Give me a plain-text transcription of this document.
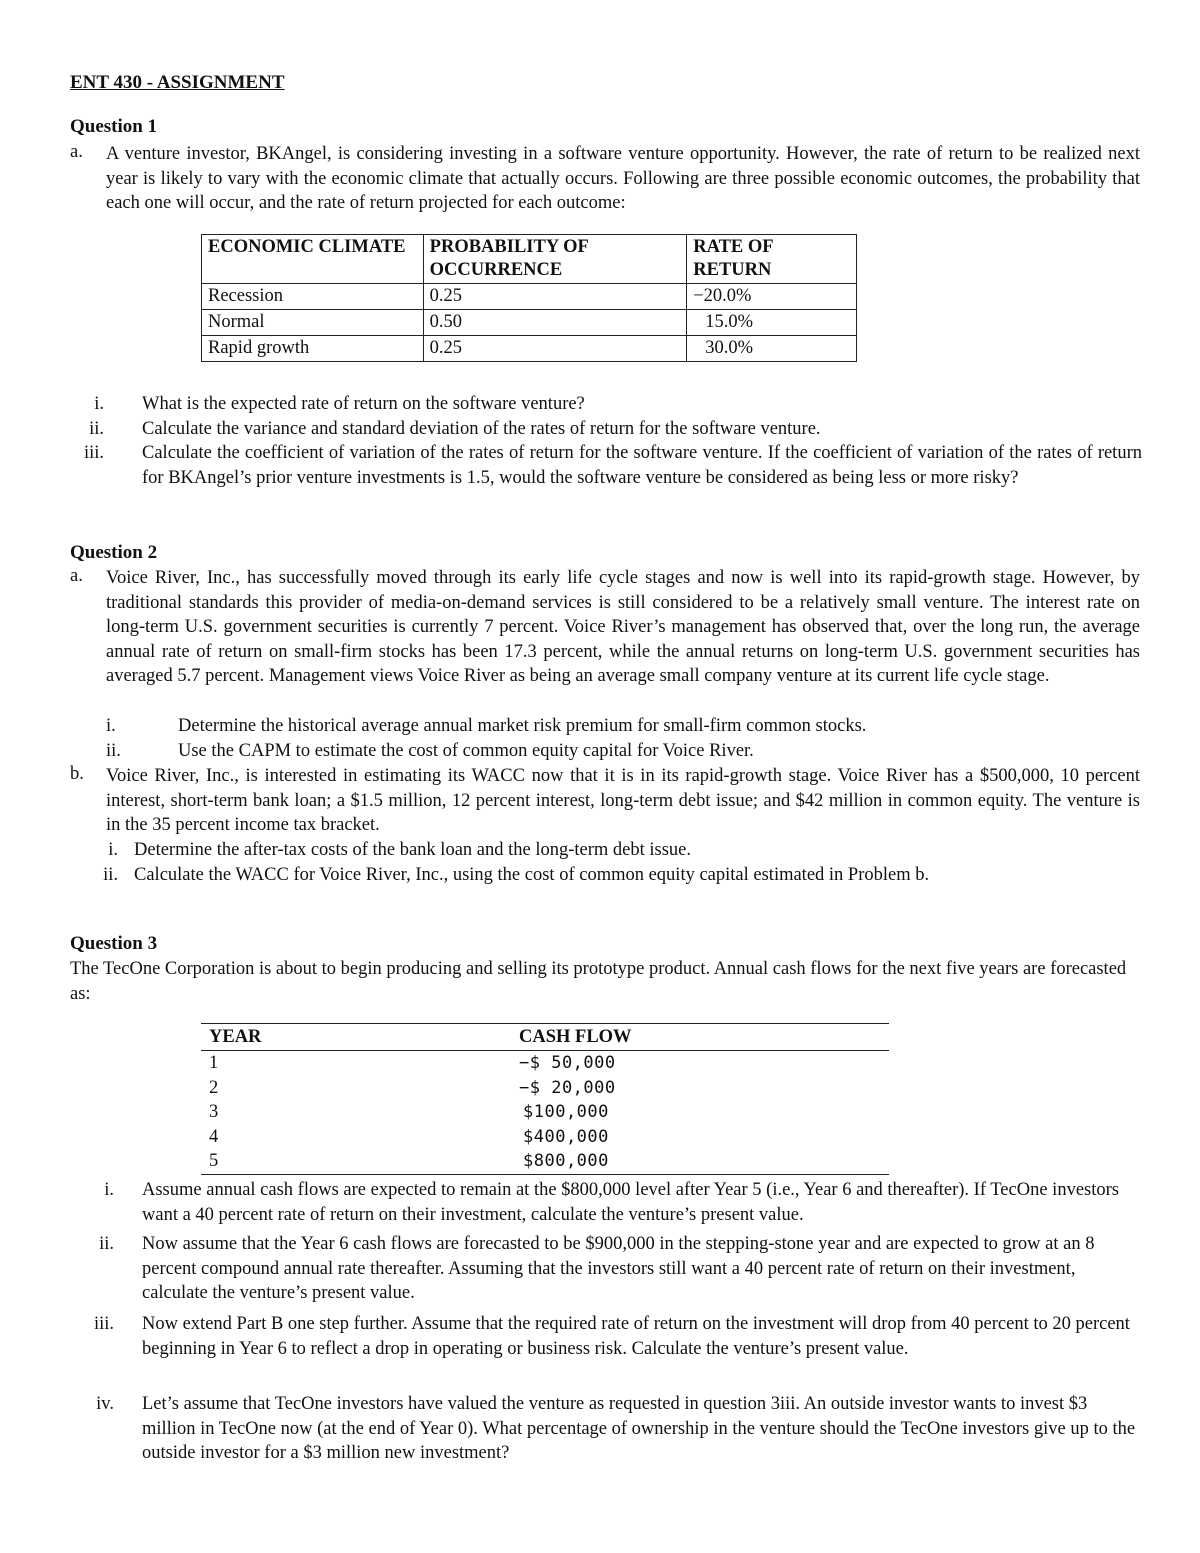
ENT 430 - ASSIGNMENT
Question 1
a. A venture investor, BKAngel, is considering investing in a software venture opportunity. However, the rate of return to be realized next year is likely to vary with the economic climate that actually occurs. Following are three possible economic outcomes, the probability that each one will occur, and the rate of return projected for each outcome:
ECONOMIC CLIMATE	PROBABILITY OF OCCURRENCE	RATE OF RETURN
Recession	0.25	−20.0%
Normal	0.50	15.0%
Rapid growth	0.25	30.0%
i. What is the expected rate of return on the software venture?
ii. Calculate the variance and standard deviation of the rates of return for the software venture.
iii. Calculate the coefficient of variation of the rates of return for the software venture. If the coefficient of variation of the rates of return for BKAngel’s prior venture investments is 1.5, would the software venture be considered as being less or more risky?
Question 2
a. Voice River, Inc., has successfully moved through its early life cycle stages and now is well into its rapid-growth stage. However, by traditional standards this provider of media-on-demand services is still considered to be a relatively small venture. The interest rate on long-term U.S. government securities is currently 7 percent. Voice River’s management has observed that, over the long run, the average annual rate of return on small-firm stocks has been 17.3 percent, while the annual returns on long-term U.S. government securities has averaged 5.7 percent. Management views Voice River as being an average small company venture at its current life cycle stage.
i.	Determine the historical average annual market risk premium for small-firm common stocks.
ii.	Use the CAPM to estimate the cost of common equity capital for Voice River.
b. Voice River, Inc., is interested in estimating its WACC now that it is in its rapid-growth stage. Voice River has a $500,000, 10 percent interest, short-term bank loan; a $1.5 million, 12 percent interest, long-term debt issue; and $42 million in common equity. The venture is in the 35 percent income tax bracket.
i. Determine the after-tax costs of the bank loan and the long-term debt issue.
ii. Calculate the WACC for Voice River, Inc., using the cost of common equity capital estimated in Problem b.
Question 3
The TecOne Corporation is about to begin producing and selling its prototype product. Annual cash flows for the next five years are forecasted as:
YEAR	CASH FLOW
1	−$ 50,000
2	−$ 20,000
3	$100,000
4	$400,000
5	$800,000
i. Assume annual cash flows are expected to remain at the $800,000 level after Year 5 (i.e., Year 6 and thereafter). If TecOne investors want a 40 percent rate of return on their investment, calculate the venture’s present value.
ii. Now assume that the Year 6 cash flows are forecasted to be $900,000 in the stepping-stone year and are expected to grow at an 8 percent compound annual rate thereafter. Assuming that the investors still want a 40 percent rate of return on their investment, calculate the venture’s present value.
iii. Now extend Part B one step further. Assume that the required rate of return on the investment will drop from 40 percent to 20 percent beginning in Year 6 to reflect a drop in operating or business risk. Calculate the venture’s present value.
iv. Let’s assume that TecOne investors have valued the venture as requested in question 3iii. An outside investor wants to invest $3 million in TecOne now (at the end of Year 0). What percentage of ownership in the venture should the TecOne investors give up to the outside investor for a $3 million new investment?
